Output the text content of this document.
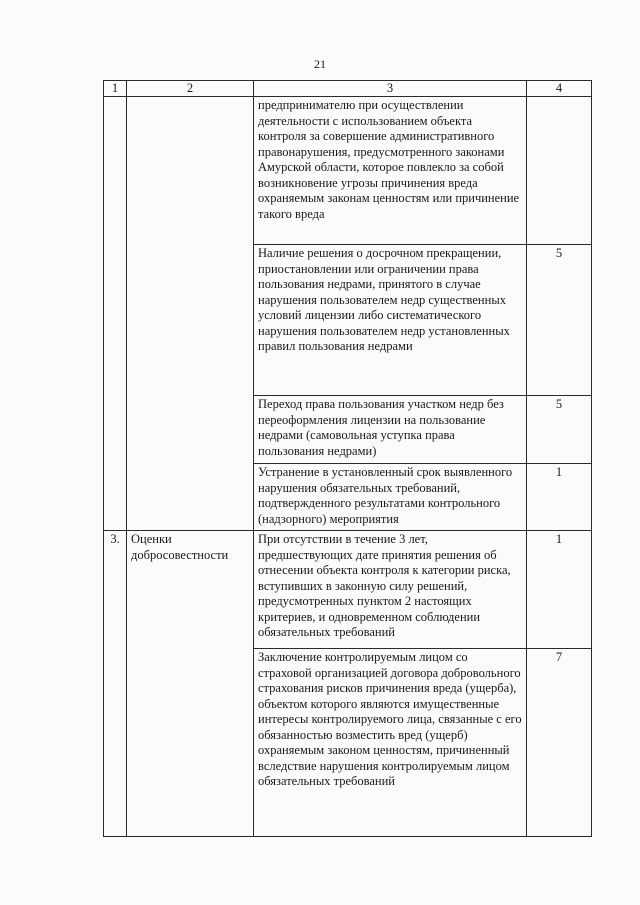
21
1	2	3	4
		предпринимателю при осуществлении деятельности с использованием объекта контроля за совершение административного правонарушения, предусмотренного законами Амурской области, которое повлекло за собой возникновение угрозы причинения вреда охраняемым законам ценностям или причинение такого вреда	
		Наличие решения о досрочном прекращении, приостановлении или ограничении права пользования недрами, принятого в случае нарушения пользователем недр существенных условий лицензии либо систематического нарушения пользователем недр установленных правил пользования недрами	5
		Переход права пользования участком недр без переоформления лицензии на пользование недрами (самовольная уступка права пользования недрами)	5
		Устранение в установленный срок выявленного нарушения обязательных требований, подтвержденного результатами контрольного (надзорного) мероприятия	1
3.	Оценки добросовестности	При отсутствии в течение 3 лет, предшествующих дате принятия решения об отнесении объекта контроля к категории риска, вступивших в законную силу решений, предусмотренных пунктом 2 настоящих критериев, и одновременном соблюдении обязательных требований	1
		Заключение контролируемым лицом со страховой организацией договора добровольного страхования рисков причинения вреда (ущерба), объектом которого являются имущественные интересы контролируемого лица, связанные с его обязанностью возместить вред (ущерб) охраняемым законом ценностям, причиненный вследствие нарушения контролируемым лицом обязательных требований	7
